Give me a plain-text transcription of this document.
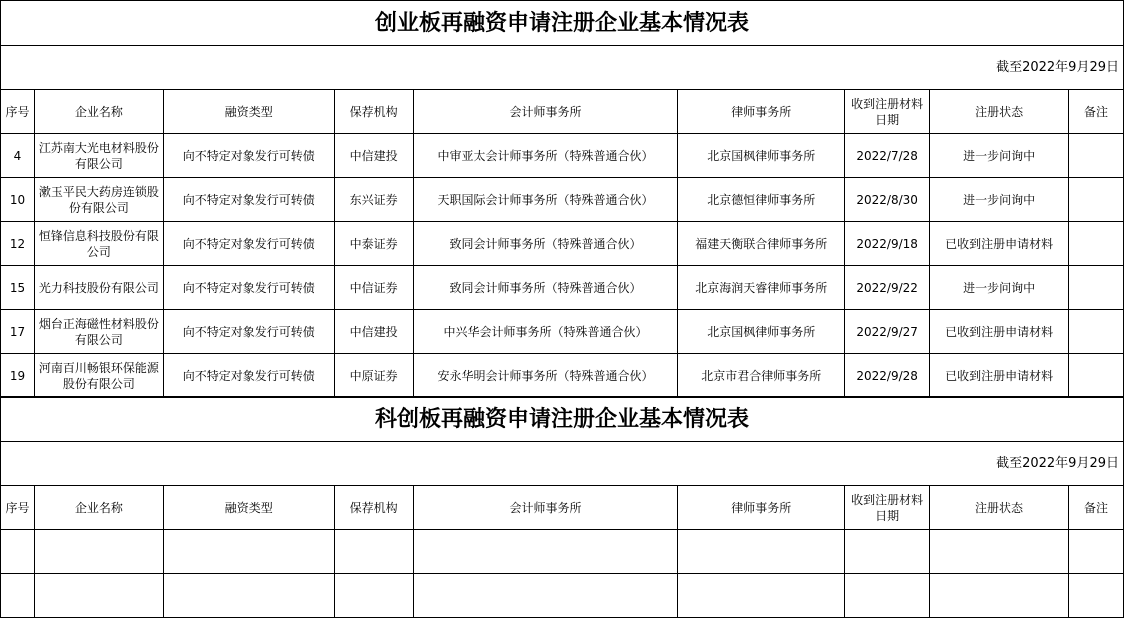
创业板再融资申请注册企业基本情况表								
截至2022年9月29日								
序号	企业名称	融资类型	保荐机构	会计师事务所	律师事务所	收到注册材料日期	注册状态	备注
4	江苏南大光电材料股份有限公司	向不特定对象发行可转债	中信建投	中审亚太会计师事务所（特殊普通合伙）	北京国枫律师事务所	2022/7/28	进一步问询中	
10	漱玉平民大药房连锁股份有限公司	向不特定对象发行可转债	东兴证券	天职国际会计师事务所（特殊普通合伙）	北京德恒律师事务所	2022/8/30	进一步问询中	
12	恒锋信息科技股份有限公司	向不特定对象发行可转债	中泰证券	致同会计师事务所（特殊普通合伙）	福建天衡联合律师事务所	2022/9/18	已收到注册申请材料	
15	光力科技股份有限公司	向不特定对象发行可转债	中信证券	致同会计师事务所（特殊普通合伙）	北京海润天睿律师事务所	2022/9/22	进一步问询中	
17	烟台正海磁性材料股份有限公司	向不特定对象发行可转债	中信建投	中兴华会计师事务所（特殊普通合伙）	北京国枫律师事务所	2022/9/27	已收到注册申请材料	
19	河南百川畅银环保能源股份有限公司	向不特定对象发行可转债	中原证券	安永华明会计师事务所（特殊普通合伙）	北京市君合律师事务所	2022/9/28	已收到注册申请材料	
科创板再融资申请注册企业基本情况表								
截至2022年9月29日								
序号	企业名称	融资类型	保荐机构	会计师事务所	律师事务所	收到注册材料日期	注册状态	备注
